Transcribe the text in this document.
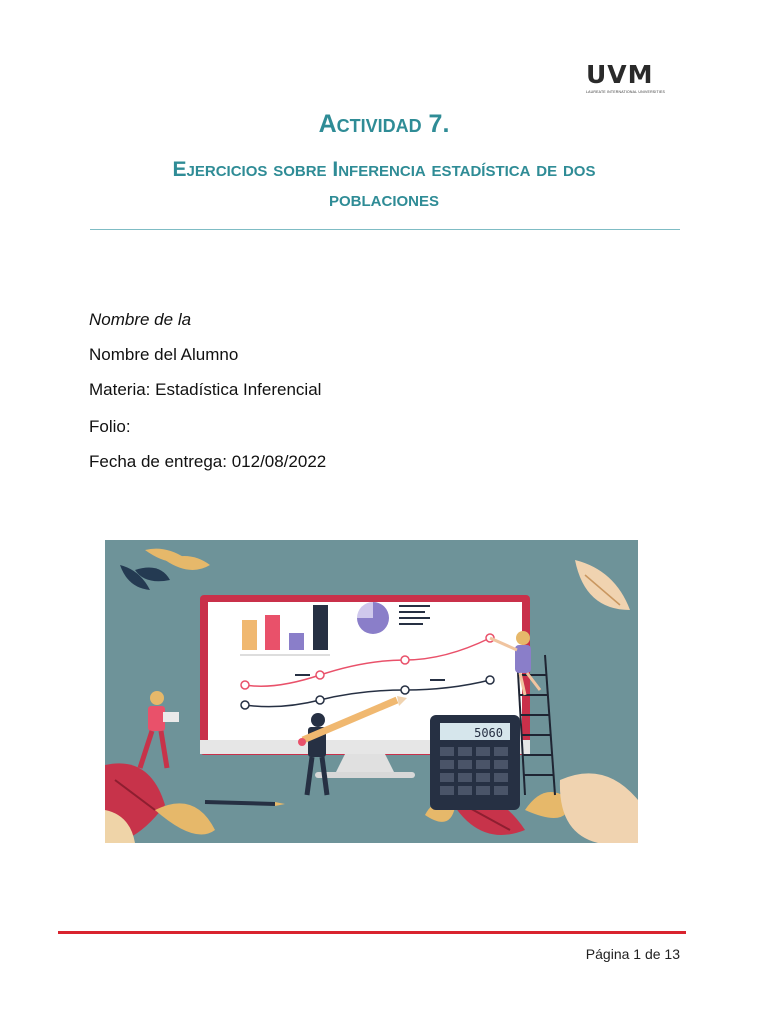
UVM
LAUREATE INTERNATIONAL UNIVERSITIES
Actividad 7.
Ejercicios sobre Inferencia estadística de dos
poblaciones
Nombre de la
Nombre del Alumno
Materia: Estadística Inferencial
Folio:
Fecha de entrega: 012/08/2022
5060
Página 1 de 13
